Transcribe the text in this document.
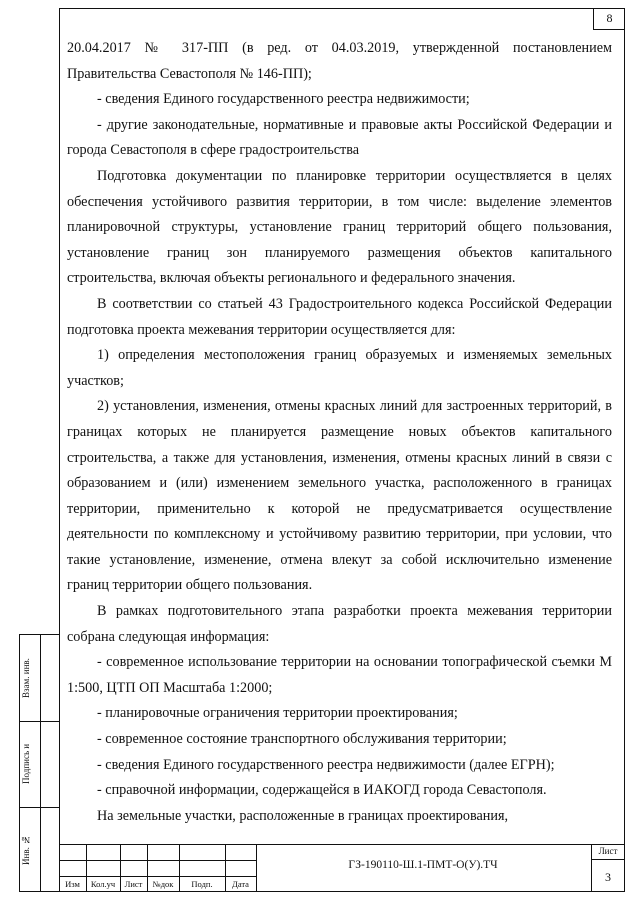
8

20.04.2017 № 317-ПП (в ред. от 04.03.2019, утвержденной постановлением Правительства Севастополя № 146-ПП);

- сведения Единого государственного реестра недвижимости;

- другие законодательные, нормативные и правовые акты Российской Федерации и города Севастополя в сфере градостроительства

Подготовка документации по планировке территории осуществляется в целях обеспечения устойчивого развития территории, в том числе: выделение элементов планировочной структуры, установление границ территорий общего пользования, установление границ зон планируемого размещения объектов капитального строительства, включая объекты регионального и федерального значения.

В соответствии со статьей 43 Градостроительного кодекса Российской Федерации подготовка проекта межевания территории осуществляется для:

1) определения местоположения границ образуемых и изменяемых земельных участков;

2) установления, изменения, отмены красных линий для застроенных территорий, в границах которых не планируется размещение новых объектов капитального строительства, а также для установления, изменения, отмены красных линий в связи с образованием и (или) изменением земельного участка, расположенного в границах территории, применительно к которой не предусматривается осуществление деятельности по комплексному и устойчивому развитию территории, при условии, что такие установление, изменение, отмена влекут за собой исключительно изменение границ территории общего пользования.

В рамках подготовительного этапа разработки проекта межевания территории собрана следующая информация:

- современное использование территории на основании топографической съемки М 1:500, ЦТП ОП Масштаба 1:2000;

- планировочные ограничения территории проектирования;

- современное состояние транспортного обслуживания территории;

- сведения Единого государственного реестра недвижимости (далее ЕГРН);

- справочной информации, содержащейся в ИАКОГД города Севастополя.

На земельные участки, расположенные в границах проектирования,

Взам. инв.
Подпись и
Инв. №
Изм	Кол.уч	Лист	№док	Подп.	Дата
ГЗ-190110-Ш.1-ПМТ-О(У).ТЧ
Лист
3
